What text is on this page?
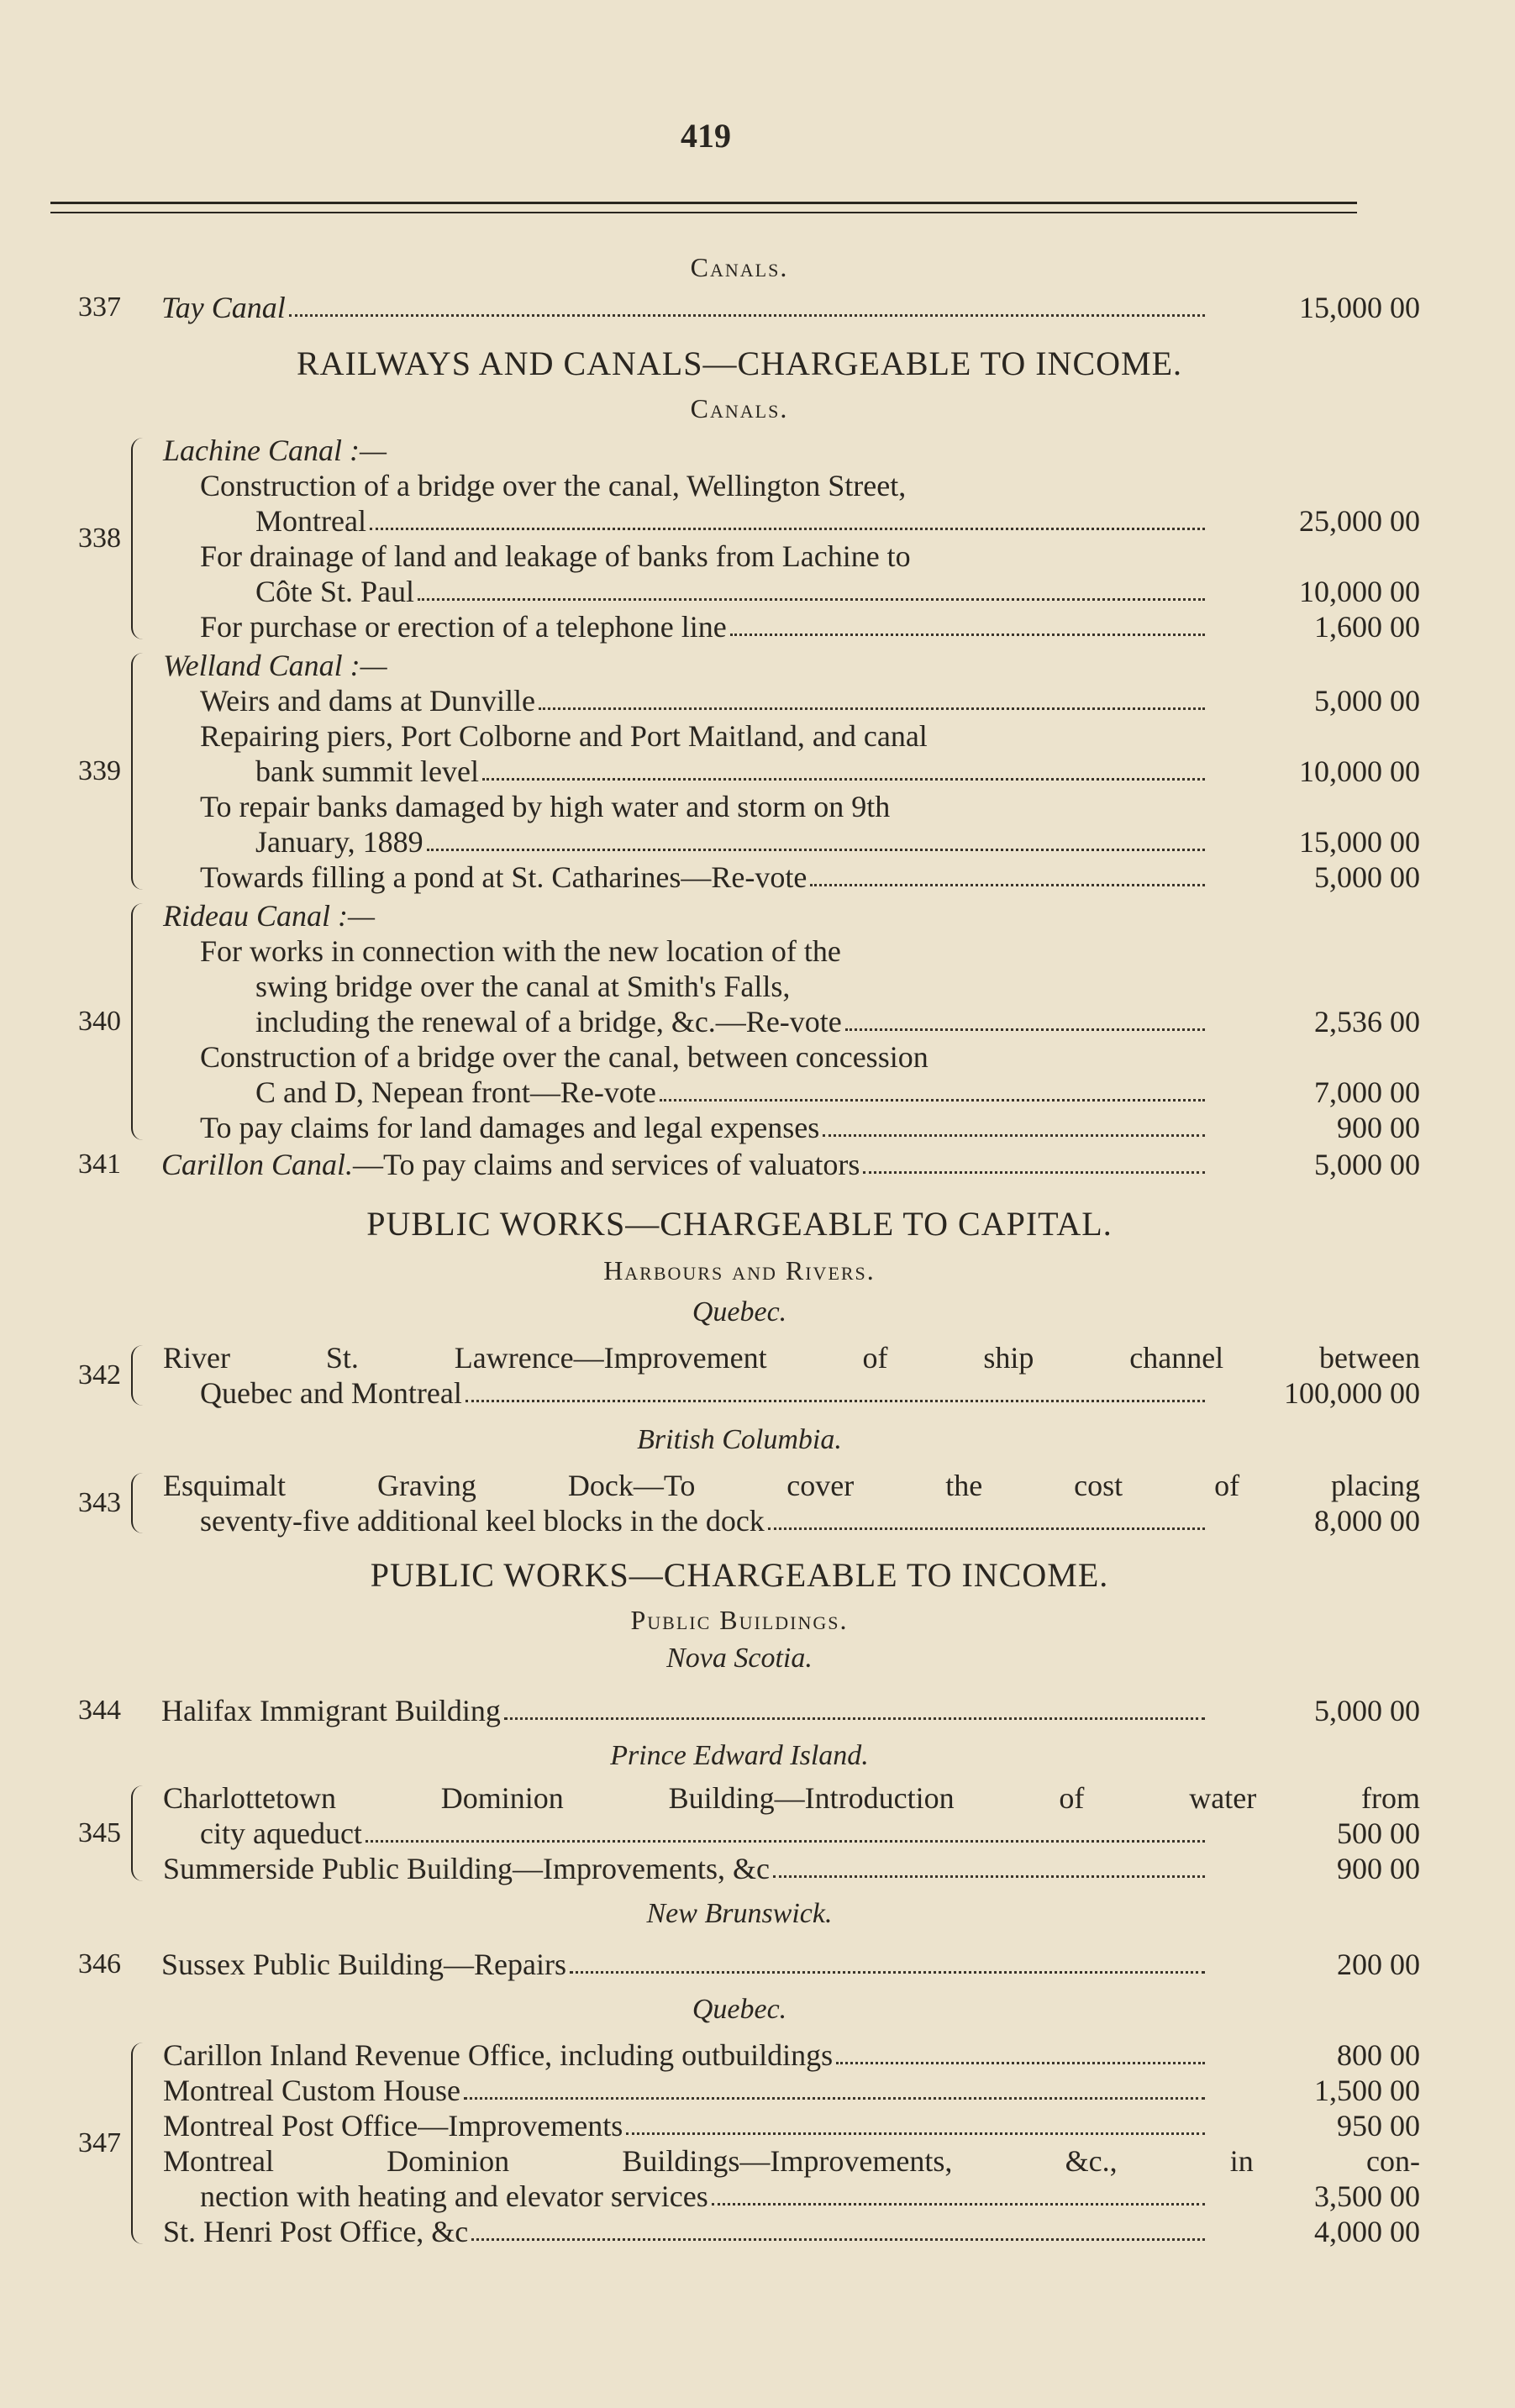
419

Canals.

337 Tay Canal	15,000 00

RAILWAYS AND CANALS—CHARGEABLE TO INCOME.

Canals.

338
Lachine Canal :—
Construction of a bridge over the canal, Wellington Street,
Montreal	25,000 00
For drainage of land and leakage of banks from Lachine to
Côte St. Paul	10,000 00
For purchase or erection of a telephone line	1,600 00
339
Welland Canal :—
Weirs and dams at Dunville	5,000 00
Repairing piers, Port Colborne and Port Maitland, and canal
bank summit level	10,000 00
To repair banks damaged by high water and storm on 9th
January, 1889	15,000 00
Towards filling a pond at St. Catharines—Re-vote	5,000 00
340
Rideau Canal :—
For works in connection with the new location of the
swing bridge over the canal at Smith's Falls,
including the renewal of a bridge, &c.—Re-vote	2,536 00
Construction of a bridge over the canal, between concession
C and D, Nepean front—Re-vote	7,000 00
To pay claims for land damages and legal expenses	900 00
341 Carillon Canal.—To pay claims and services of valuators	5,000 00

PUBLIC WORKS—CHARGEABLE TO CAPITAL.

Harbours and Rivers.

Quebec.

342
River St. Lawrence—Improvement of ship channel between
Quebec and Montreal	100,000 00

British Columbia.

343
Esquimalt Graving Dock—To cover the cost of placing
seventy-five additional keel blocks in the dock	8,000 00

PUBLIC WORKS—CHARGEABLE TO INCOME.

Public Buildings.

Nova Scotia.

344 Halifax Immigrant Building	5,000 00

Prince Edward Island.

345
Charlottetown Dominion Building—Introduction of water from
city aqueduct	500 00
Summerside Public Building—Improvements, &c	900 00

New Brunswick.

346 Sussex Public Building—Repairs	200 00

Quebec.

347
Carillon Inland Revenue Office, including outbuildings	800 00
Montreal Custom House	1,500 00
Montreal Post Office—Improvements	950 00
Montreal Dominion Buildings—Improvements, &c., in con-
nection with heating and elevator services	3,500 00
St. Henri Post Office, &c	4,000 00
